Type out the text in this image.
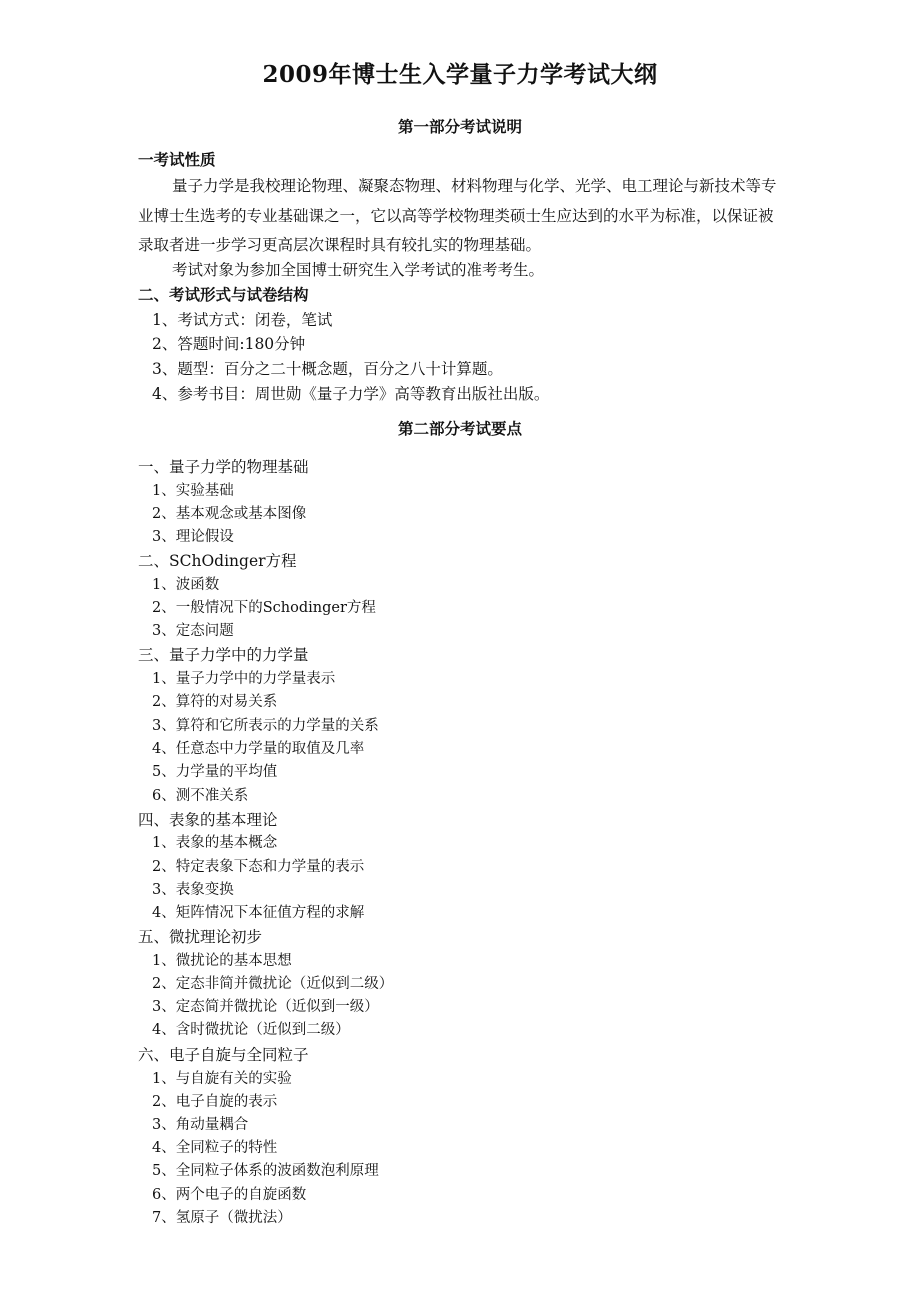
2009年博士生入学量子力学考试大纲
第一部分考试说明
一考试性质
量子力学是我校理论物理、凝聚态物理、材料物理与化学、光学、电工理论与新技术等专业博士生选考的专业基础课之一，它以高等学校物理类硕士生应达到的水平为标准，以保证被录取者进一步学习更高层次课程时具有较扎实的物理基础。
考试对象为参加全国博士研究生入学考试的准考考生。
二、考试形式与试卷结构
1、考试方式：闭卷，笔试
2、答题时间:180分钟
3、题型：百分之二十概念题，百分之八十计算题。
4、参考书目：周世勋《量子力学》高等教育出版社出版。
第二部分考试要点
一、量子力学的物理基础
1、实验基础
2、基本观念或基本图像
3、理论假设
二、SChOdinger方程
1、波函数
2、一般情况下的Schodinger方程
3、定态问题
三、量子力学中的力学量
1、量子力学中的力学量表示
2、算符的对易关系
3、算符和它所表示的力学量的关系
4、任意态中力学量的取值及几率
5、力学量的平均值
6、测不准关系
四、表象的基本理论
1、表象的基本概念
2、特定表象下态和力学量的表示
3、表象变换
4、矩阵情况下本征值方程的求解
五、微扰理论初步
1、微扰论的基本思想
2、定态非简并微扰论（近似到二级）
3、定态简并微扰论（近似到一级）
4、含时微扰论（近似到二级）
六、电子自旋与全同粒子
1、与自旋有关的实验
2、电子自旋的表示
3、角动量耦合
4、全同粒子的特性
5、全同粒子体系的波函数泡利原理
6、两个电子的自旋函数
7、氢原子（微扰法）
